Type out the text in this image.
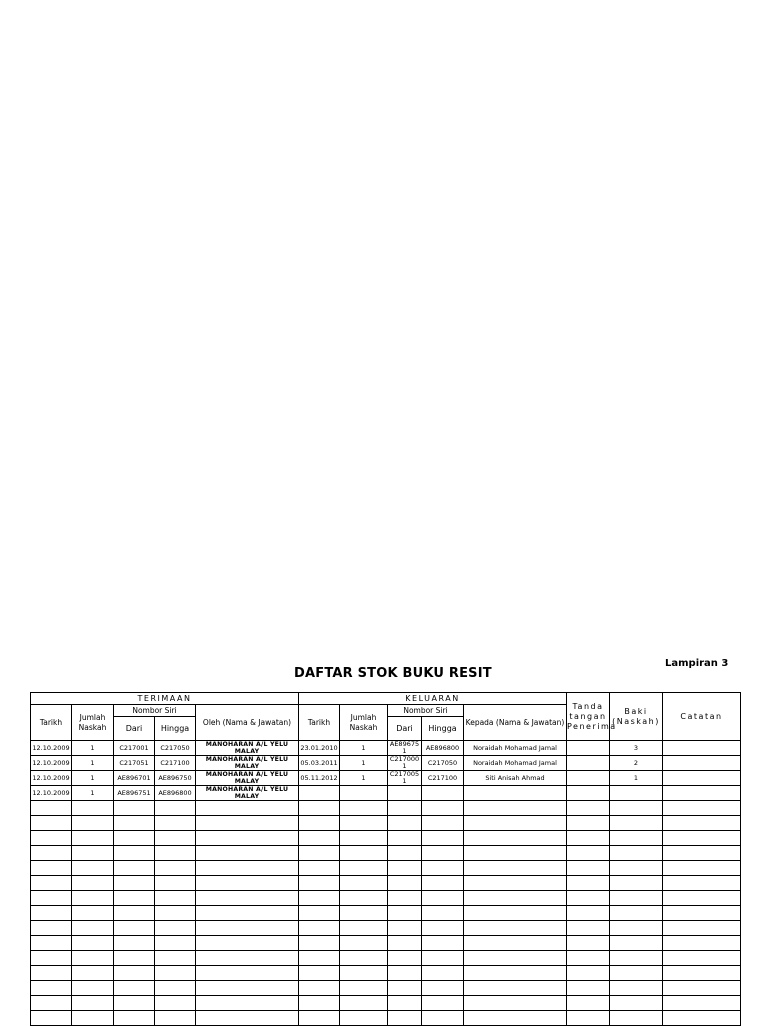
Lampiran 3
DAFTAR STOK BUKU RESIT
TERIMAAN					KELUARAN					Tanda tangan Penerima	Baki (Naskah)	Catatan
Tarikh	Jumlah Naskah	Nombor Siri		Oleh (Nama & Jawatan)	Tarikh	Jumlah Naskah	Nombor Siri		Kepada (Nama & Jawatan)			
		Dari	Hingga				Dari	Hingga				

12.10.2009	1	C217001	C217050	MANOHARAN A/L YELU MALAY	23.01.2010	1	AE896751	AE896800	Noraidah Mohamad Jamal		3	

12.10.2009	1	C217051	C217100	MANOHARAN A/L YELU MALAY	05.03.2011	1	C2170001	C217050	Noraidah Mohamad Jamal		2	

12.10.2009	1	AE896701	AE896750	MANOHARAN A/L YELU MALAY	05.11.2012	1	C2170051	C217100	Siti Anisah Ahmad		1	

12.10.2009	1	AE896751	AE896800	MANOHARAN A/L YELU MALAY	
